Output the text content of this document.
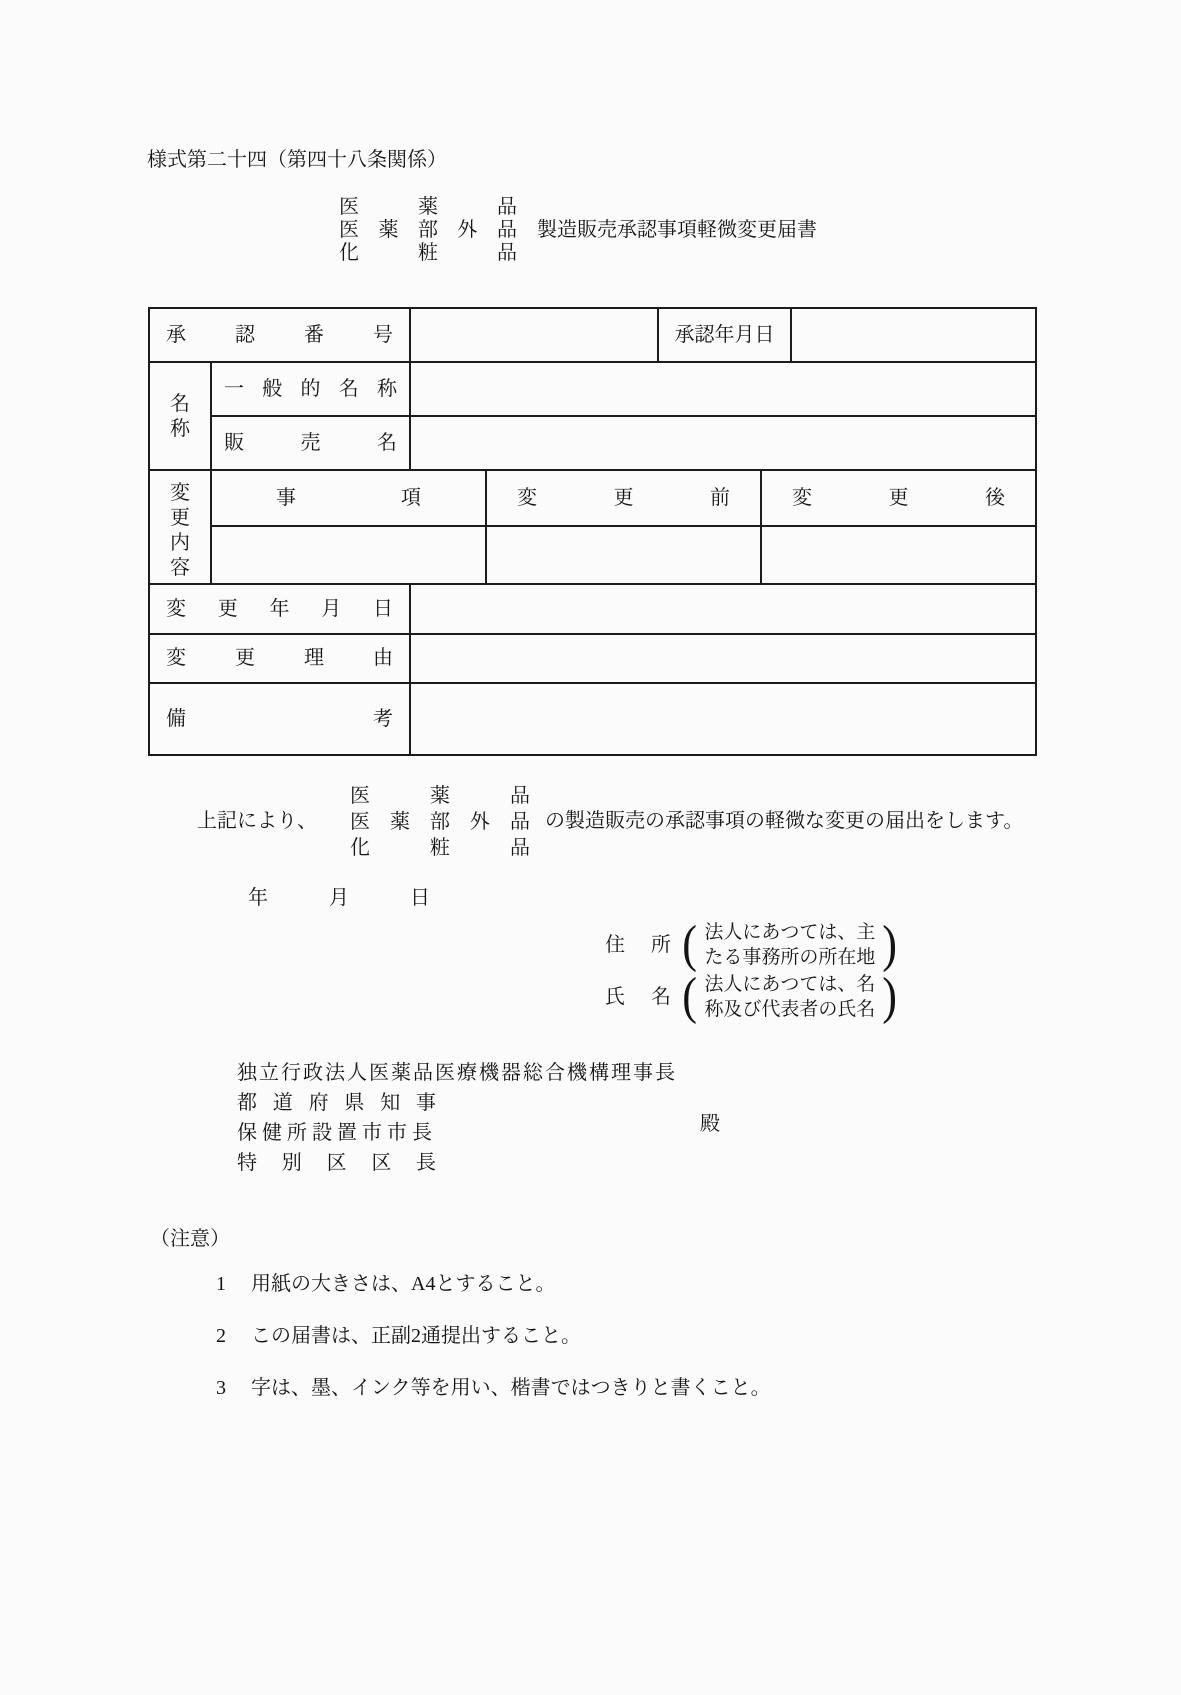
様式第二十四（第四十八条関係）
医	薬	品
医 薬 部 外 品
化	粧	品
製造販売承認事項軽微変更届書
承 認 番 号				承認年月日		

名
称	一 般 的 名 称					

	販 売 名					

変
更
内
容	事 項		変 更 前		変 更 後	

変 更 年 月 日						

変 更 理 由						

備 考						

上記により、
医	薬	品
医 薬 部 外 品
化	粧	品
の製造販売の承認事項の軽微な変更の届出をします。
年	月	日
住 所 ( 法人にあつては、主
たる事務所の所在地 )
氏 名 ( 法人にあつては、名
称及び代表者の氏名 )
独立行政法人医薬品医療機器総合機構理事長
都 道 府 県 知 事
保健所設置市市長
特 別 区 区 長
殿
（注意）
1 用紙の大きさは、A4とすること。
2 この届書は、正副2通提出すること。
3 字は、墨、インク等を用い、楷書ではつきりと書くこと。
